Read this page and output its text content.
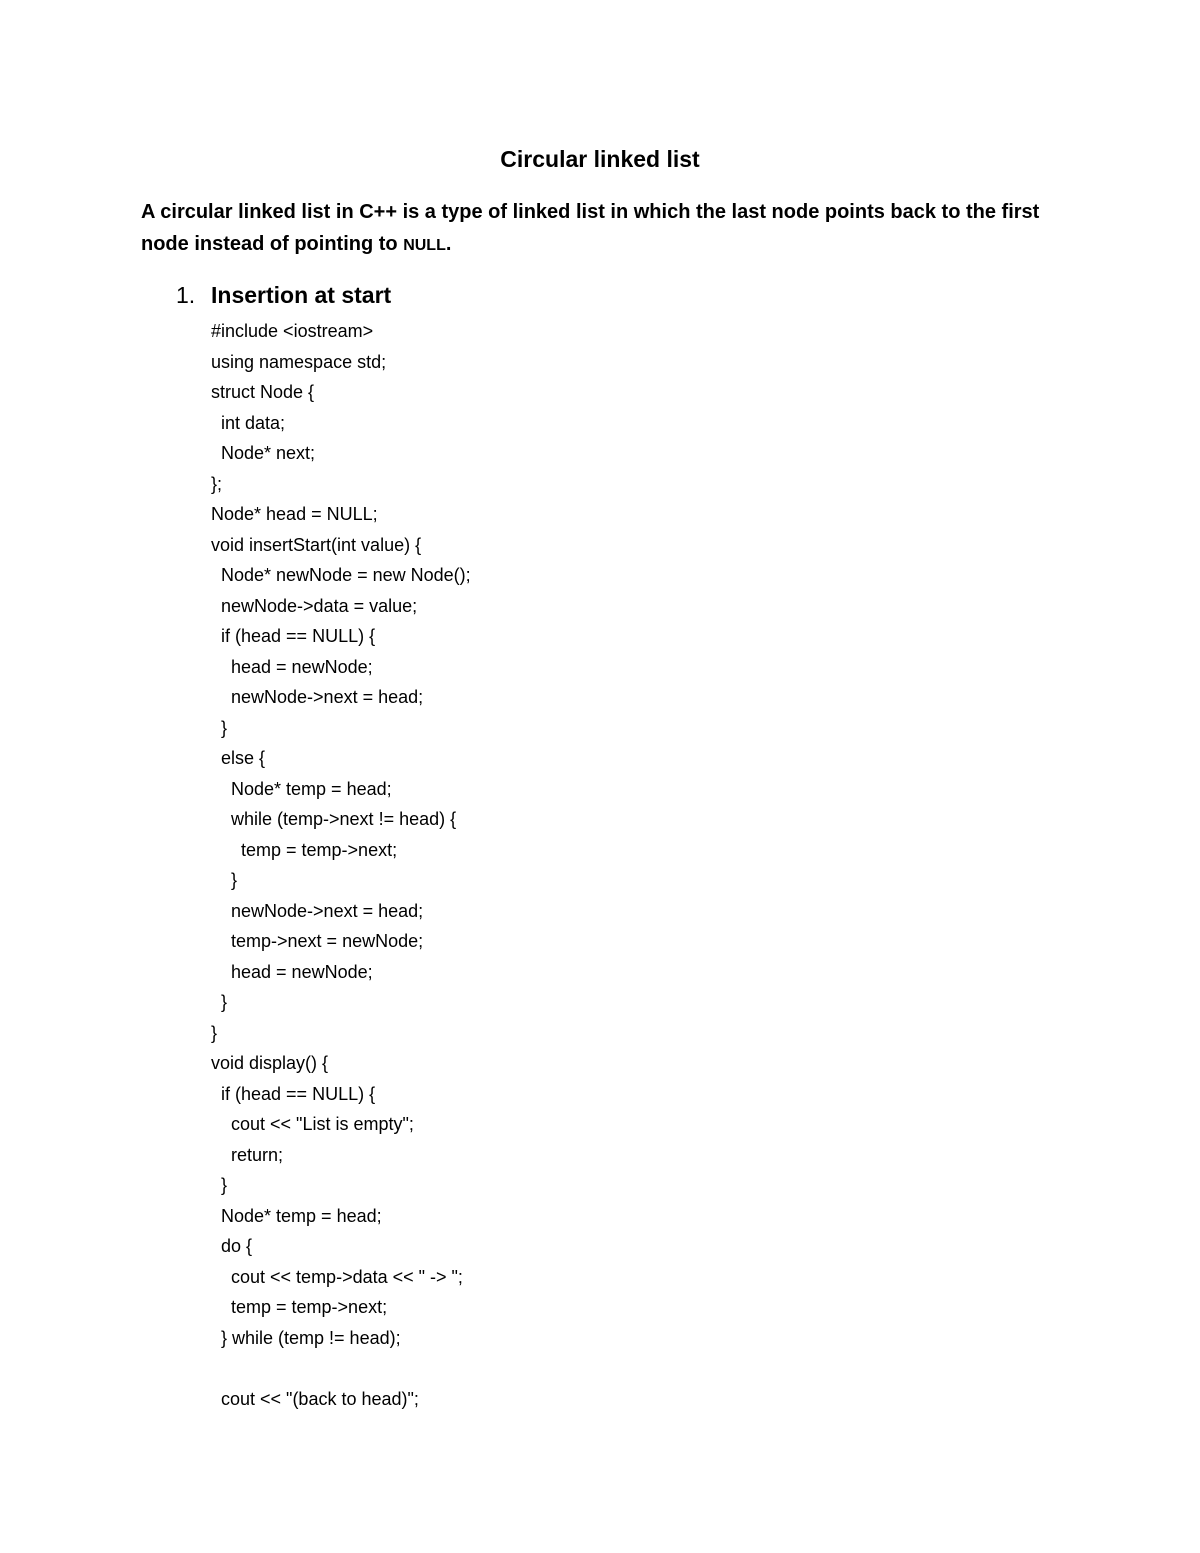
Circular linked list

A circular linked list in C++ is a type of linked list in which the last node points back to the first node instead of pointing to NULL.

1. Insertion at start
#include <iostream>
using namespace std;
struct Node {
int data;
Node* next;
};
Node* head = NULL;
void insertStart(int value) {
Node* newNode = new Node();
newNode->data = value;
if (head == NULL) {
head = newNode;
newNode->next = head;
}
else {
Node* temp = head;
while (temp->next != head) {
temp = temp->next;
}
newNode->next = head;
temp->next = newNode;
head = newNode;
}
}
void display() {
if (head == NULL) {
cout << "List is empty";
return;
}
Node* temp = head;
do {
cout << temp->data << " -> ";
temp = temp->next;
} while (temp != head);
cout << "(back to head)";
